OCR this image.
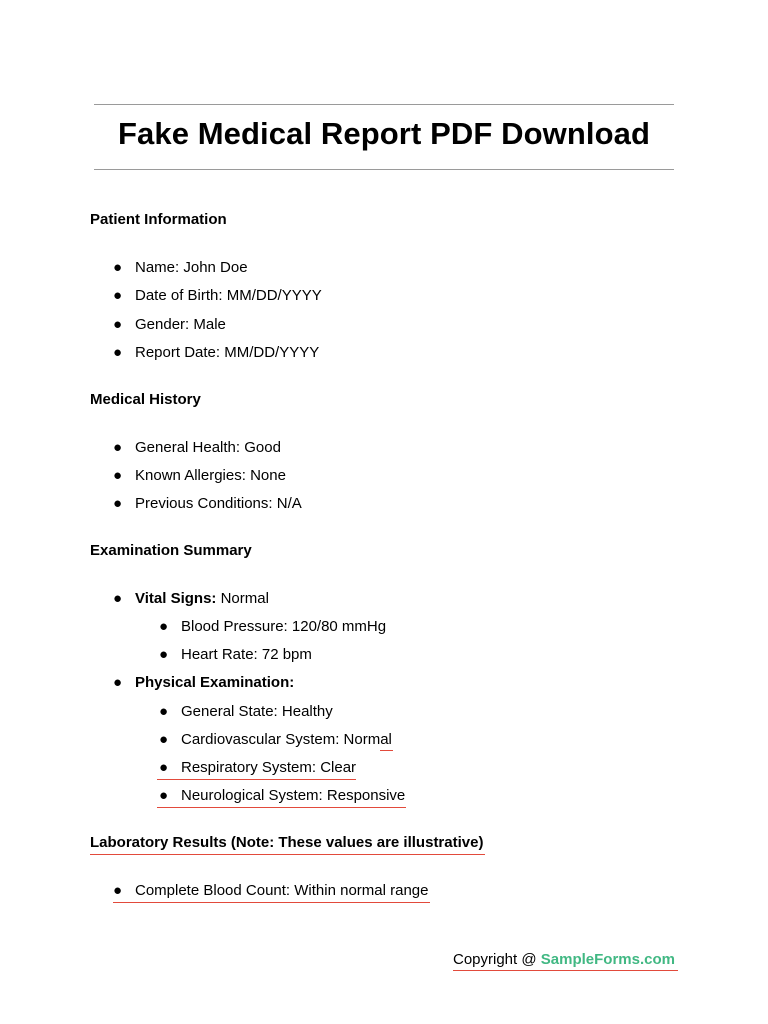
Fake Medical Report PDF Download
Patient Information
● Name: John Doe
● Date of Birth: MM/DD/YYYY
● Gender: Male
● Report Date: MM/DD/YYYY
Medical History
● General Health: Good
● Known Allergies: None
● Previous Conditions: N/A
Examination Summary
● Vital Signs: Normal
● Blood Pressure: 120/80 mmHg
● Heart Rate: 72 bpm
● Physical Examination:
● General State: Healthy
● Cardiovascular System: Normal
● Respiratory System: Clear
● Neurological System: Responsive
Laboratory Results (Note: These values are illustrative)
● Complete Blood Count: Within normal range
Copyright @ SampleForms.com
